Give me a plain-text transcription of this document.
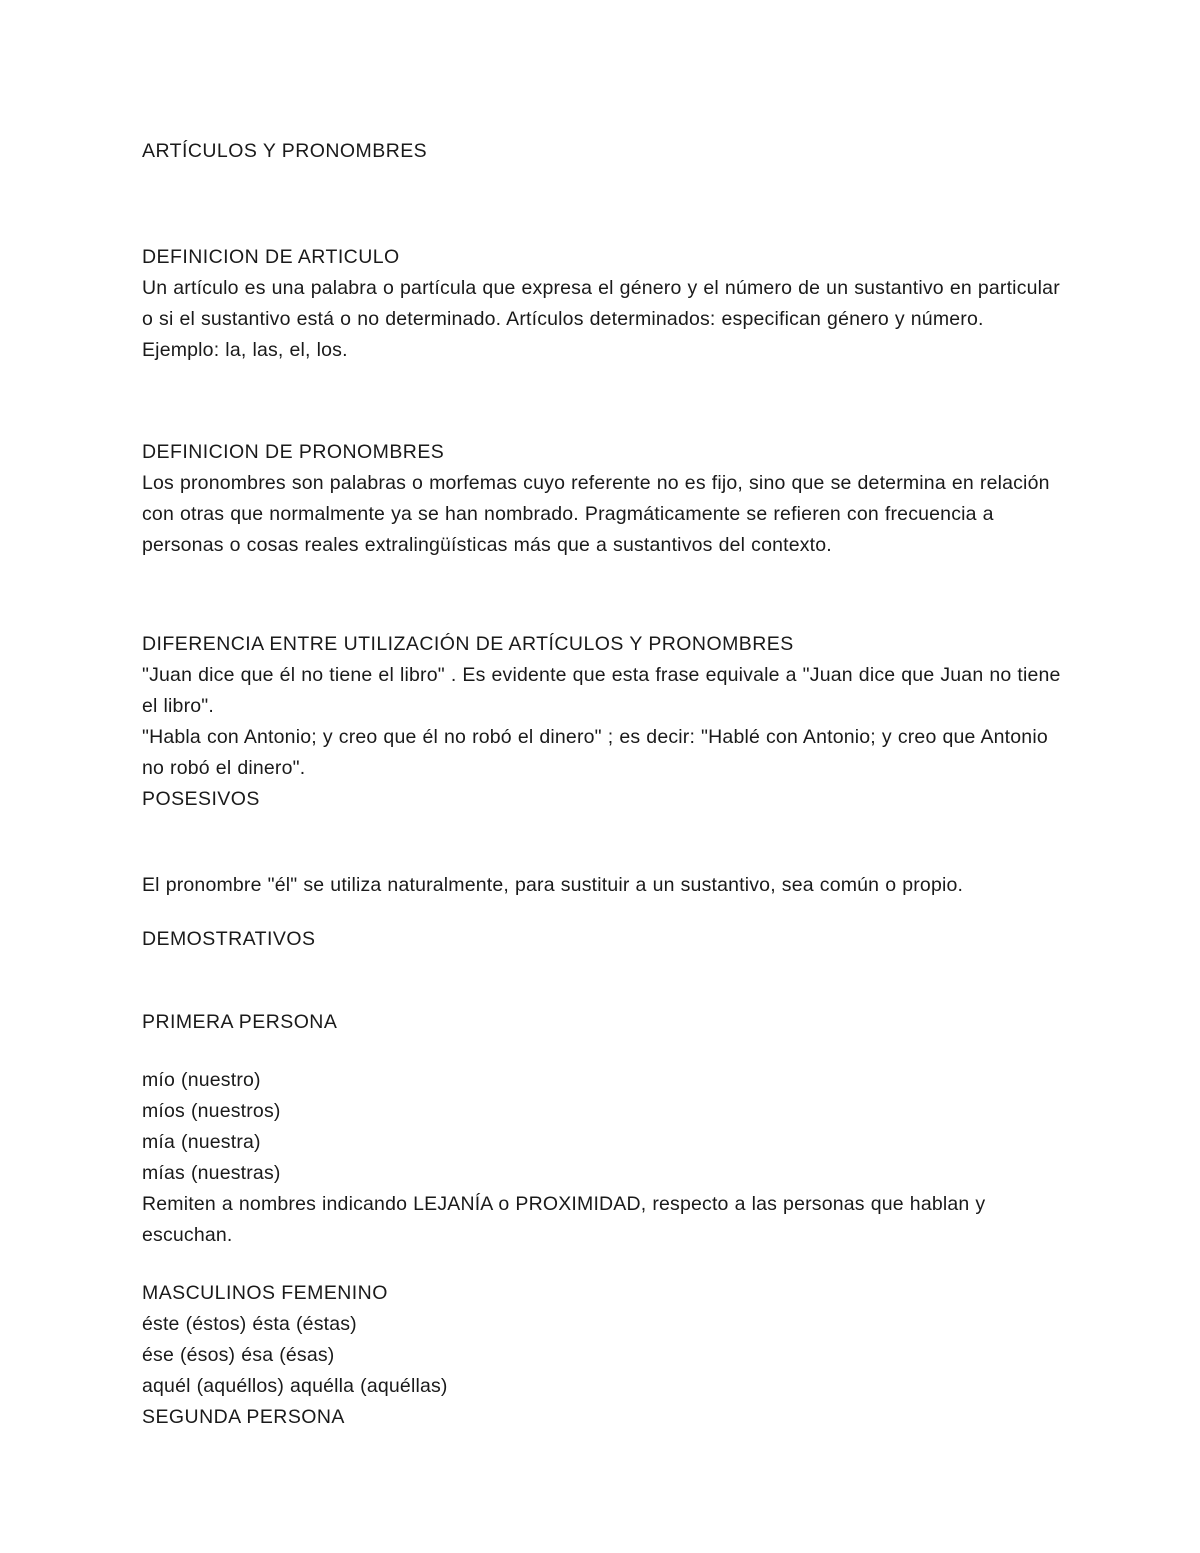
ARTÍCULOS Y PRONOMBRES
DEFINICION DE ARTICULO

Un artículo es una palabra o partícula que expresa el género y el número de un sustantivo en particular o si el sustantivo está o no determinado. Artículos determinados: especifican género y número. Ejemplo: la, las, el, los.

DEFINICION DE PRONOMBRES

Los pronombres son palabras o morfemas cuyo referente no es fijo, sino que se determina en relación con otras que normalmente ya se han nombrado. Pragmáticamente se refieren con frecuencia a personas o cosas reales extralingüísticas más que a sustantivos del contexto.

DIFERENCIA ENTRE UTILIZACIÓN DE ARTÍCULOS Y PRONOMBRES

"Juan dice que él no tiene el libro" . Es evidente que esta frase equivale a "Juan dice que Juan no tiene el libro".

"Habla con Antonio; y creo que él no robó el dinero" ; es decir: "Hablé con Antonio; y creo que Antonio no robó el dinero".

POSESIVOS

El pronombre "él" se utiliza naturalmente, para sustituir a un sustantivo, sea común o propio.

DEMOSTRATIVOS
PRIMERA PERSONA
mío (nuestro)
míos (nuestros)
mía (nuestra)
mías (nuestras)

Remiten a nombres indicando LEJANÍA o PROXIMIDAD, respecto a las personas que hablan y escuchan.

MASCULINOS FEMENINO
éste (éstos) ésta (éstas)
ése (ésos) ésa (ésas)
aquél (aquéllos) aquélla (aquéllas)
SEGUNDA PERSONA
